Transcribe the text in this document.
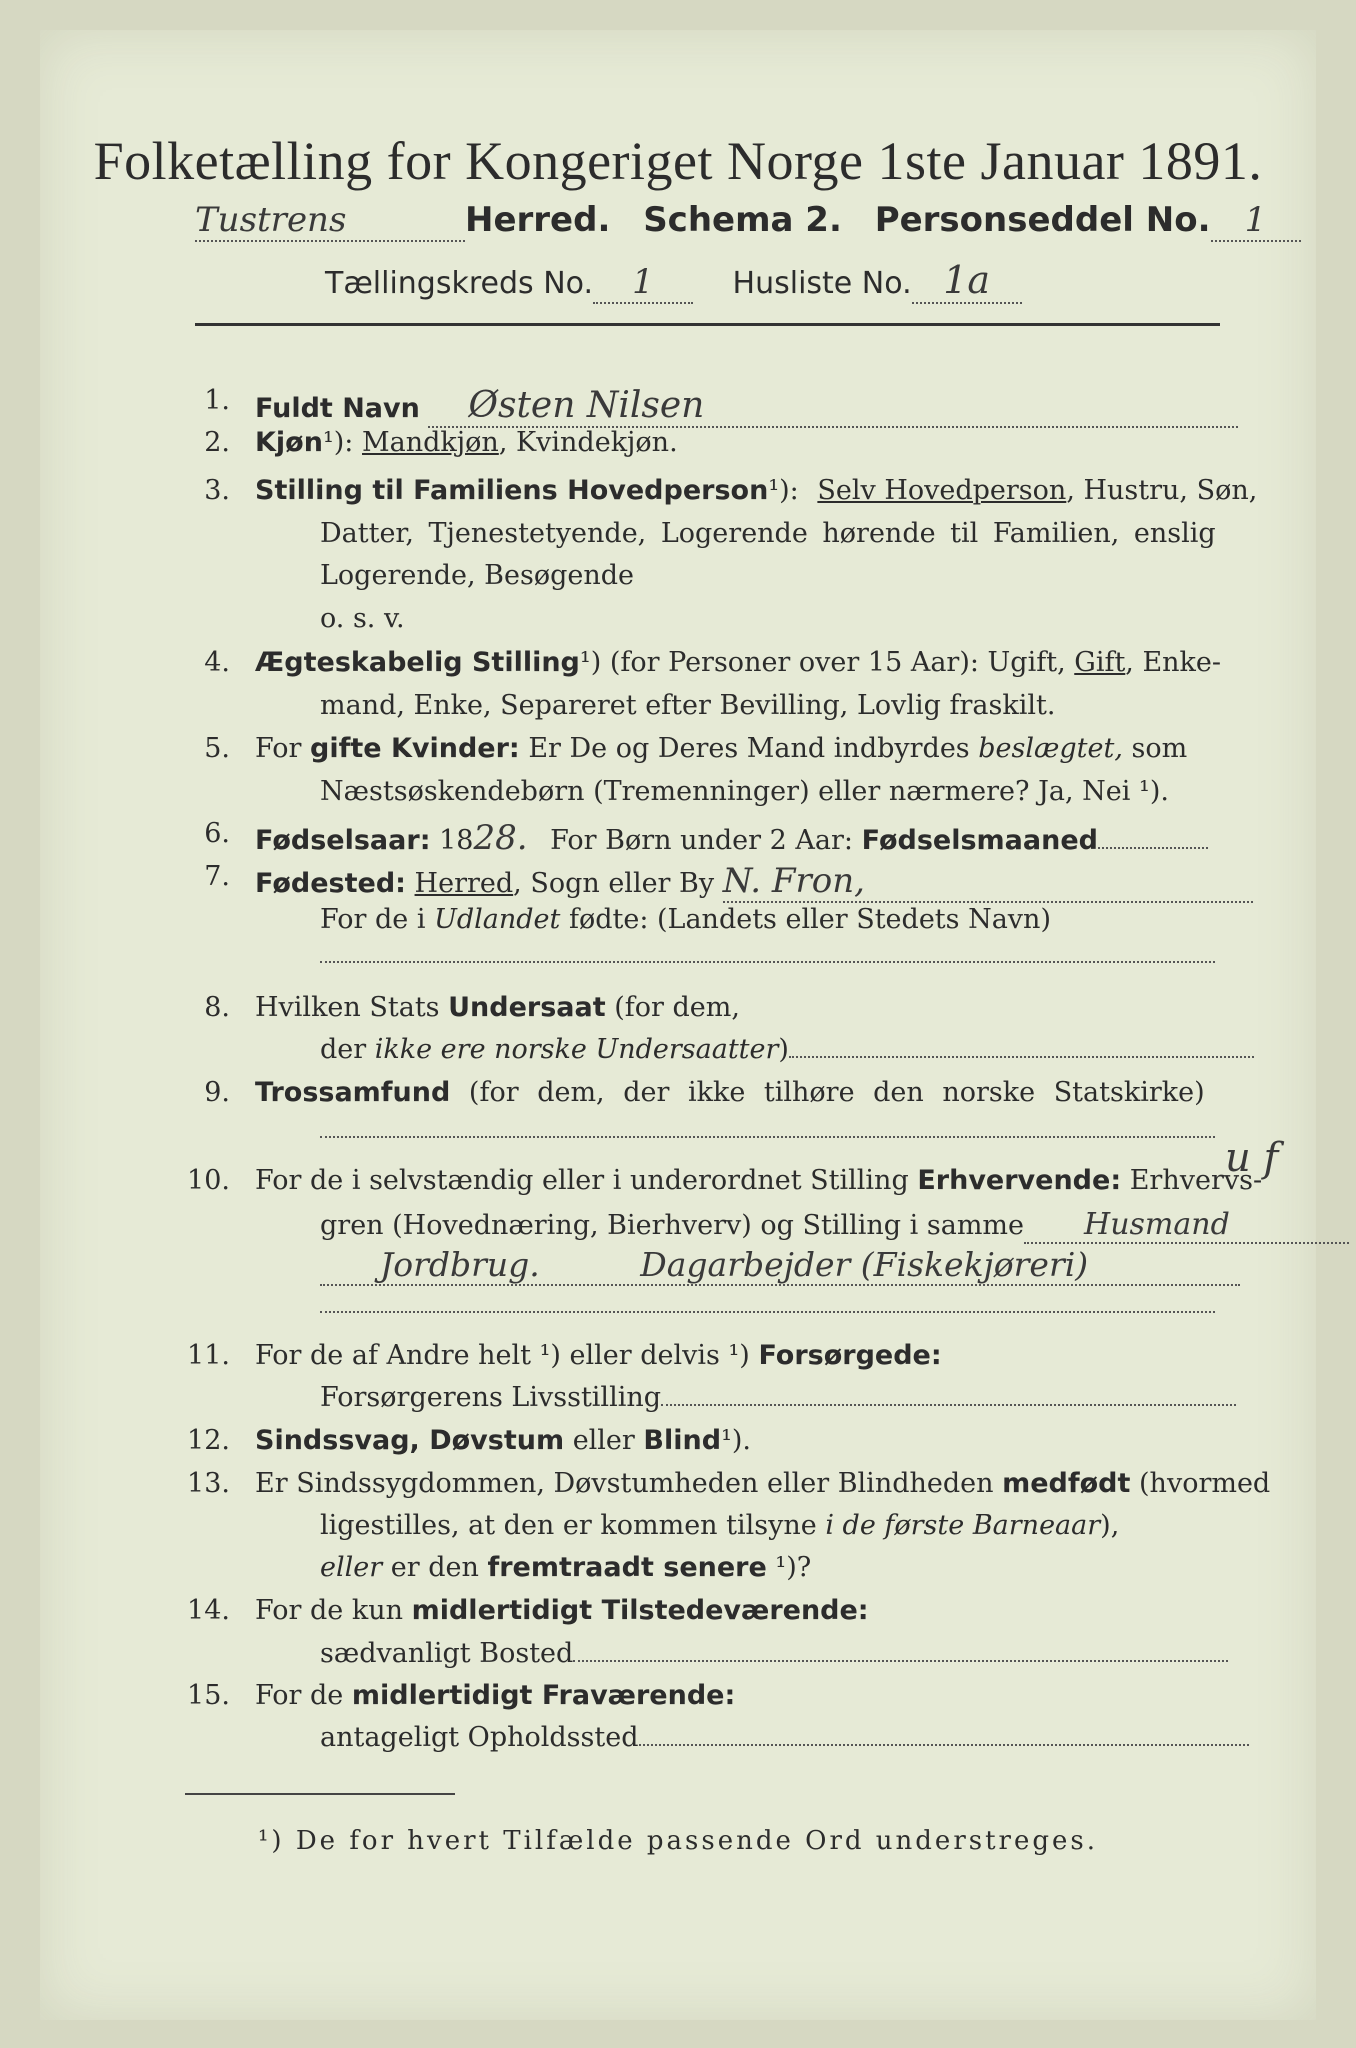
Folketælling for Kongeriget Norge 1ste Januar 1891.
Tustrens	Herred. Schema 2. Personseddel No. 1
Tællingskreds No. 1	Husliste No. 1a
1. Fuldt Navn Østen Nilsen
2. Kjøn¹): Mandkjøn, Kvindekjøn.
3. Stilling til Familiens Hovedperson¹): Selv Hovedperson, Hustru, Søn,
Datter, Tjenestetyende, Logerende hørende til Familien, enslig
Logerende, Besøgende
o. s. v.
4. Ægteskabelig Stilling¹) (for Personer over 15 Aar): Ugift, Gift, Enke-
mand, Enke, Separeret efter Bevilling, Lovlig fraskilt.
5. For gifte Kvinder: Er De og Deres Mand indbyrdes beslægtet, som
Næstsøskendebørn (Tremenninger) eller nærmere? Ja, Nei ¹).
6. Fødselsaar: 1828. For Børn under 2 Aar: Fødselsmaaned
7. Fødested: Herred, Sogn eller By N. Fron,
For de i Udlandet fødte: (Landets eller Stedets Navn)
8. Hvilken Stats Undersaat (for dem,
der ikke ere norske Undersaatter)
9. Trossamfund (for dem, der ikke tilhøre den norske Statskirke)
10. For de i selvstændig eller i underordnet Stilling Erhvervende: Erhvervs-
u f
gren (Hovednæring, Bierhverv) og Stilling i samme Husmand
Jordbrug.	Dagarbejder (Fiskekjøreri)
11. For de af Andre helt ¹) eller delvis ¹) Forsørgede:
Forsørgerens Livsstilling
12. Sindssvag, Døvstum eller Blind¹).
13. Er Sindssygdommen, Døvstumheden eller Blindheden medfødt (hvormed
ligestilles, at den er kommen tilsyne i de første Barneaar),
eller er den fremtraadt senere ¹)?
14. For de kun midlertidigt Tilstedeværende:
sædvanligt Bosted
15. For de midlertidigt Fraværende:
antageligt Opholdssted
¹) De for hvert Tilfælde passende Ord understreges.
